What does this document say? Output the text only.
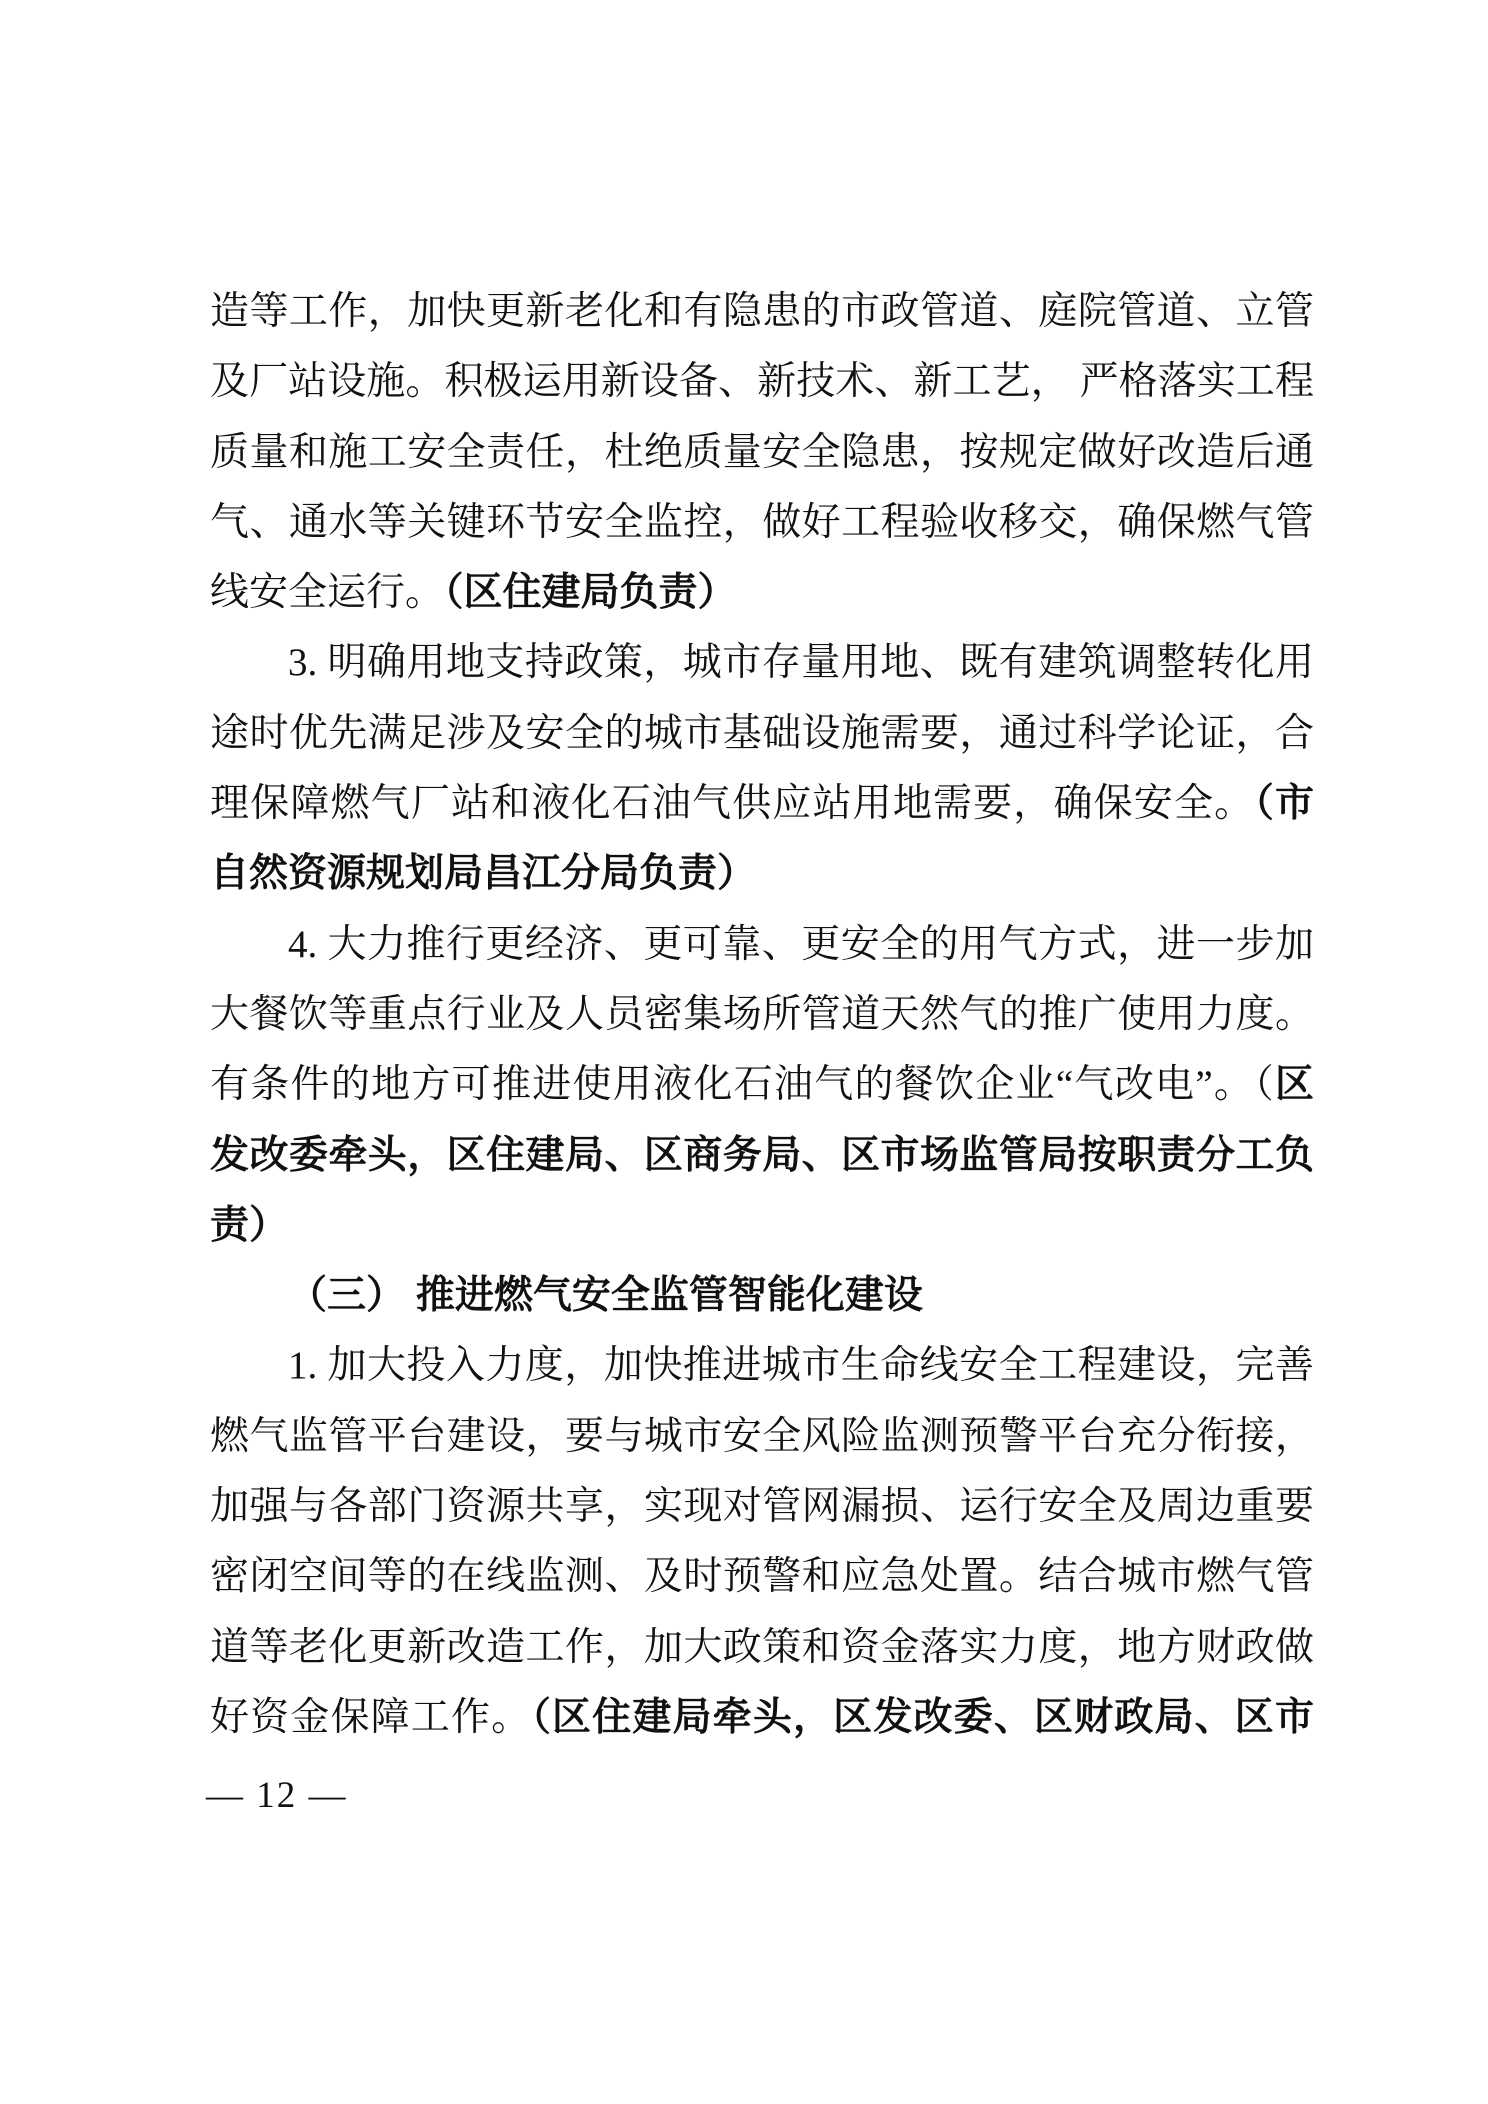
造等工作，加快更新老化和有隐患的市政管道、庭院管道、立管
及厂站设施。积极运用新设备、新技术、新工艺， 严格落实工程
质量和施工安全责任，杜绝质量安全隐患，按规定做好改造后通
气、通水等关键环节安全监控，做好工程验收移交，确保燃气管
线安全运行。（区住建局负责）
3. 明确用地支持政策，城市存量用地、既有建筑调整转化用
途时优先满足涉及安全的城市基础设施需要，通过科学论证，合
理保障燃气厂站和液化石油气供应站用地需要，确保安全。（市
自然资源规划局昌江分局负责）
4. 大力推行更经济、更可靠、更安全的用气方式，进一步加
大餐饮等重点行业及人员密集场所管道天然气的推广使用力度。
有条件的地方可推进使用液化石油气的餐饮企业“气改电”。（区
发改委牵头，区住建局、区商务局、区市场监管局按职责分工负
责）
（三） 推进燃气安全监管智能化建设
1. 加大投入力度，加快推进城市生命线安全工程建设，完善
燃气监管平台建设，要与城市安全风险监测预警平台充分衔接，
加强与各部门资源共享，实现对管网漏损、运行安全及周边重要
密闭空间等的在线监测、及时预警和应急处置。结合城市燃气管
道等老化更新改造工作，加大政策和资金落实力度，地方财政做
好资金保障工作。（区住建局牵头，区发改委、区财政局、区市
— 12 —
